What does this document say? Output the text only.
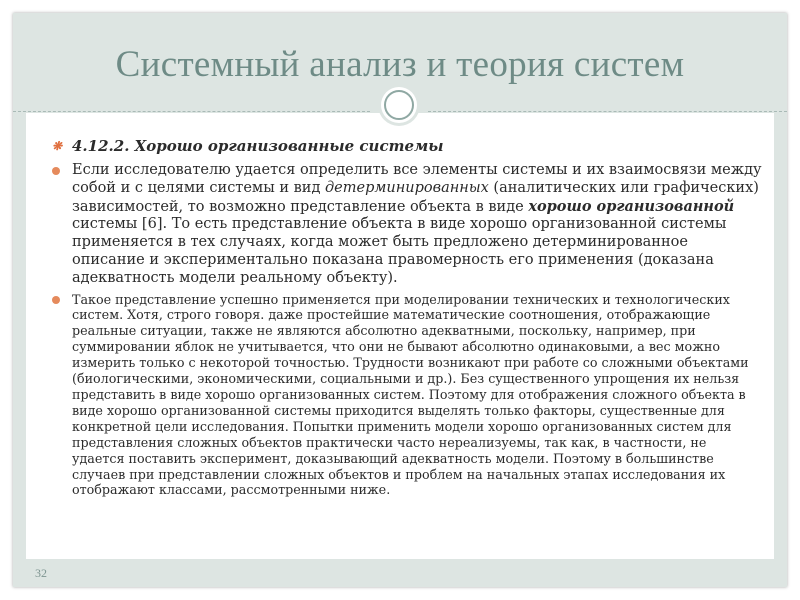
Системный анализ и теория систем
❋ 4.12.2. Хорошо организованные системы
Если исследователю удается определить все элементы системы и их взаимосвязи между собой и с целями системы и вид детерминированных (аналитических или графических) зависимостей, то возможно представление объекта в виде хорошо организованной системы [6]. То есть представление объекта в виде хорошо организованной системы применяется в тех случаях, когда может быть предложено детерминированное описание и экспериментально показана правомерность его применения (доказана адекватность модели реальному объекту).
Такое представление успешно применяется при моделировании технических и технологических систем. Хотя, строго говоря. даже простейшие математические соотношения, отображающие реальные ситуации, также не являются абсолютно адекватными, поскольку, например, при суммировании яблок не учитывается, что они не бывают абсолютно одинаковыми, а вес можно измерить только с некоторой точностью. Трудности возникают при работе со сложными объектами (биологическими, экономическими, социальными и др.). Без существенного упрощения их нельзя представить в виде хорошо организованных систем. Поэтому для отображения сложного объекта в виде хорошо организованной системы приходится выделять только факторы, существенные для конкретной цели исследования. Попытки применить модели хорошо организованных систем для представления сложных объектов практически часто нереализуемы, так как, в частности, не удается поставить эксперимент, доказывающий адекватность модели. Поэтому в большинстве случаев при представлении сложных объектов и проблем на начальных этапах исследования их отображают классами, рассмотренными ниже.
32
